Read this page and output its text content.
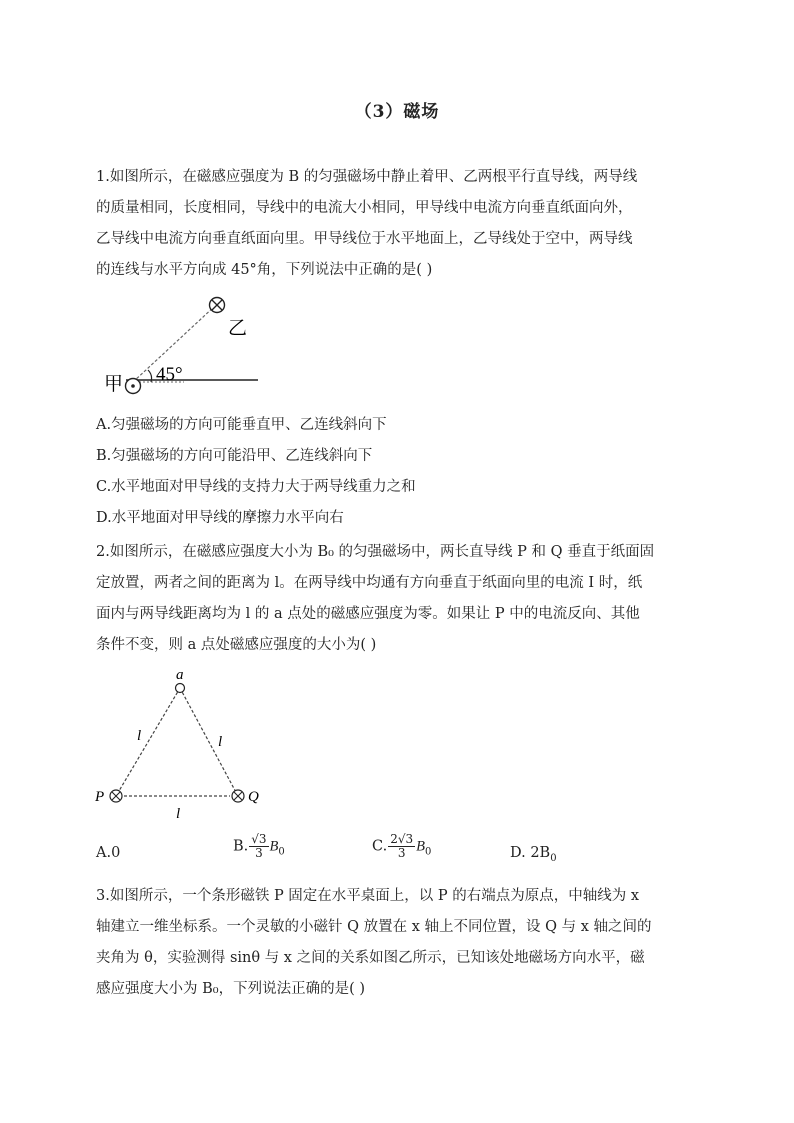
（3）磁场
1.如图所示，在磁感应强度为 B 的匀强磁场中静止着甲、乙两根平行直导线，两导线
的质量相同，长度相同，导线中的电流大小相同，甲导线中电流方向垂直纸面向外，
乙导线中电流方向垂直纸面向里。甲导线位于水平地面上，乙导线处于空中，两导线
的连线与水平方向成 45°角，下列说法中正确的是( )
甲
乙
45°
A.匀强磁场的方向可能垂直甲、乙连线斜向下
B.匀强磁场的方向可能沿甲、乙连线斜向下
C.水平地面对甲导线的支持力大于两导线重力之和
D.水平地面对甲导线的摩擦力水平向右
2.如图所示，在磁感应强度大小为 B₀ 的匀强磁场中，两长直导线 P 和 Q 垂直于纸面固
定放置，两者之间的距离为 l。在两导线中均通有方向垂直于纸面向里的电流 I 时，纸
面内与两导线距离均为 l 的 a 点处的磁感应强度为零。如果让 P 中的电流反向、其他
条件不变，则 a 点处磁感应强度的大小为( )
a
P	Q
l	l
l
A.0	B. $\frac{√3}{3} B_0$	C. $\frac{2√3}{3} B_0$	D. $2B_0$
3.如图所示，一个条形磁铁 P 固定在水平桌面上，以 P 的右端点为原点，中轴线为 x
轴建立一维坐标系。一个灵敏的小磁针 Q 放置在 x 轴上不同位置，设 Q 与 x 轴之间的
夹角为 θ，实验测得 sinθ 与 x 之间的关系如图乙所示，已知该处地磁场方向水平，磁
感应强度大小为 B₀，下列说法正确的是( )
